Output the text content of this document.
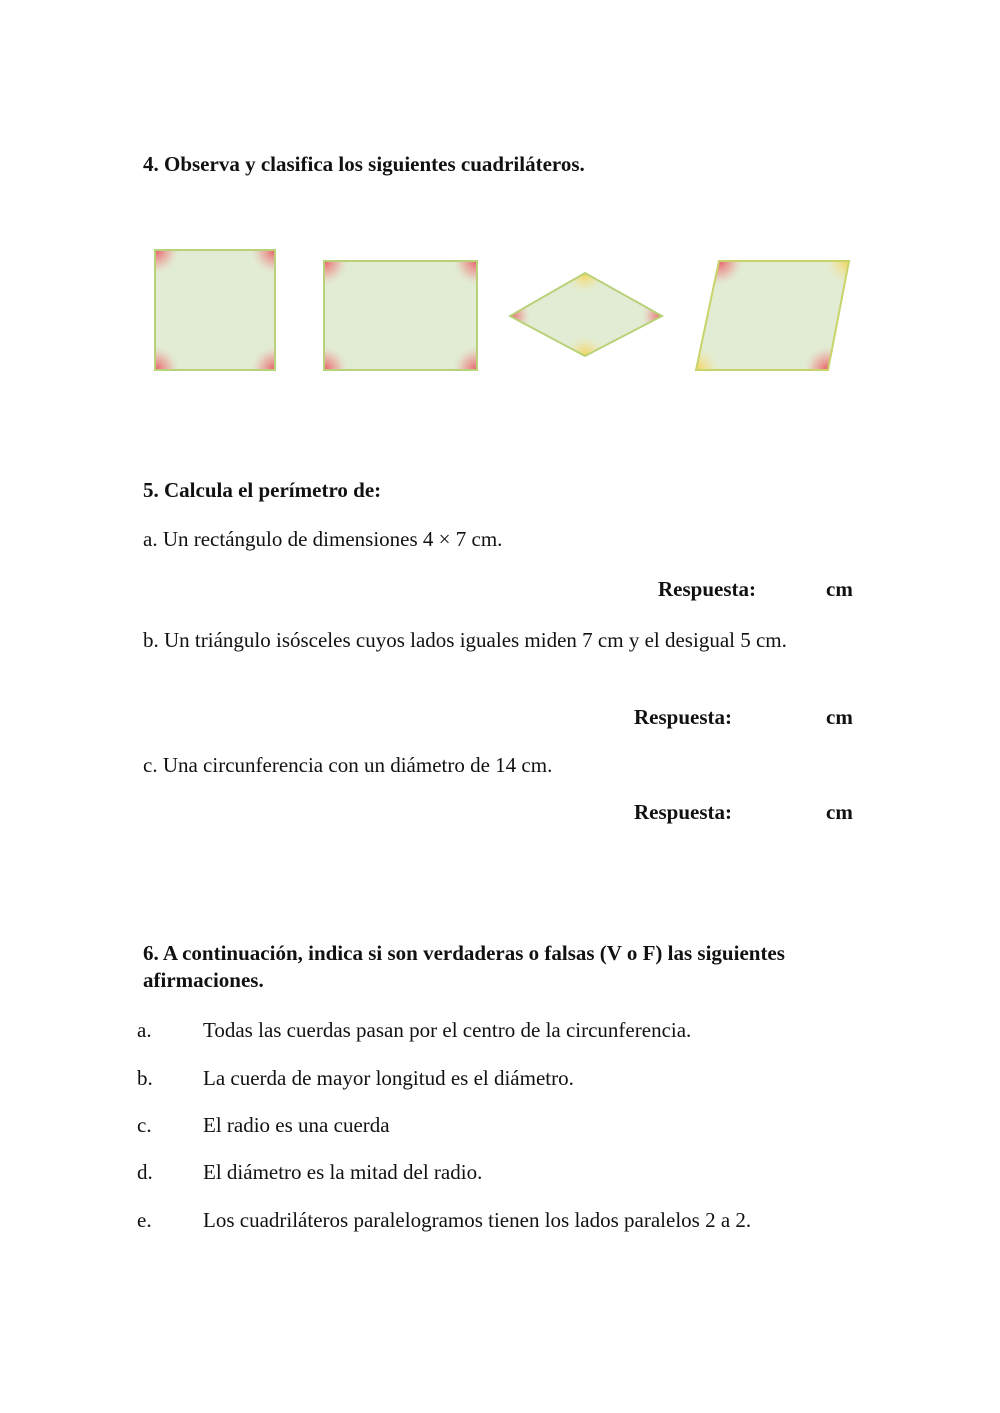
4. Observa y clasifica los siguientes cuadriláteros.
5. Calcula el perímetro de:
a. Un rectángulo de dimensiones 4 × 7 cm.
Respuesta:	cm
b. Un triángulo isósceles cuyos lados iguales miden 7 cm y el desigual 5 cm.
Respuesta:	cm
c. Una circunferencia con un diámetro de 14 cm.
Respuesta:	cm
6. A continuación, indica si son verdaderas o falsas (V o F) las siguientes afirmaciones.
a. Todas las cuerdas pasan por el centro de la circunferencia.
b. La cuerda de mayor longitud es el diámetro.
c. El radio es una cuerda
d. El diámetro es la mitad del radio.
e. Los cuadriláteros paralelogramos tienen los lados paralelos 2 a 2.
